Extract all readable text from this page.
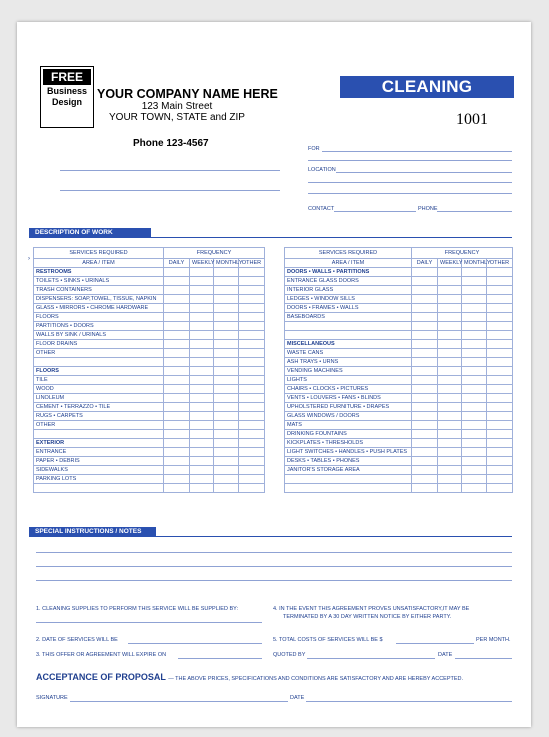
FREE
Business
Design
YOUR COMPANY NAME HERE
123 Main Street
YOUR TOWN, STATE and ZIP
Phone 123-4567
CLEANING PROPOSAL
1001
FOR
LOCATION
CONTACT	PHONE
DESCRIPTION OF WORK
›
SERVICES REQUIRED	FREQUENCY			
AREA / ITEM	DAILY	WEEKLY	MONTHLY	OTHER
RESTROOMS				
TOILETS • SINKS • URINALS				
TRASH CONTAINERS				
DISPENSERS: SOAP,TOWEL, TISSUE, NAPKIN				
GLASS • MIRRORS • CHROME HARDWARE				
FLOORS				
PARTITIONS • DOORS				
WALLS BY SINK / URINALS				
FLOOR DRAINS				
OTHER				

FLOORS				
TILE				
WOOD				
LINOLEUM				
CEMENT • TERRAZZO • TILE				
RUGS • CARPETS				
OTHER				

EXTERIOR				
ENTRANCE				
PAPER • DEBRIS				
SIDEWALKS				
PARKING LOTS				

SERVICES REQUIRED	FREQUENCY			
AREA / ITEM	DAILY	WEEKLY	MONTHLY	OTHER
DOORS • WALLS • PARTITIONS				
ENTRANCE GLASS DOORS				
INTERIOR GLASS				
LEDGES • WINDOW SILLS				
DOORS • FRAMES • WALLS				
BASEBOARDS				

MISCELLANEOUS				
WASTE CANS				
ASH TRAYS • URNS				
VENDING MACHINES				
LIGHTS				
CHAIRS • CLOCKS • PICTURES				
VENTS • LOUVERS • FANS • BLINDS				
UPHOLSTERED FURNITURE • DRAPES				
GLASS WINDOWS / DOORS				
MATS				
DRINKING FOUNTAINS				
KICKPLATES • THRESHOLDS				
LIGHT SWITCHES • HANDLES • PUSH PLATES				
DESKS • TABLES • PHONES				
JANITOR'S STORAGE AREA				

SPECIAL INSTRUCTIONS / NOTES
1. CLEANING SUPPLIES TO PERFORM THIS SERVICE WILL BE SUPPLIED BY:
2. DATE OF SERVICES WILL BE
3. THIS OFFER OR AGREEMENT WILL EXPIRE ON
4. IN THE EVENT THIS AGREEMENT PROVES UNSATISFACTORY,IT MAY BE
TERMINATED BY A 30 DAY WRITTEN NOTICE BY EITHER PARTY.
5. TOTAL COSTS OF SERVICES WILL BE $	PER MONTH.
QUOTED BY	DATE
ACCEPTANCE OF PROPOSAL — THE ABOVE PRICES, SPECIFICATIONS AND CONDITIONS ARE SATISFACTORY AND ARE HEREBY ACCEPTED.
SIGNATURE	DATE
